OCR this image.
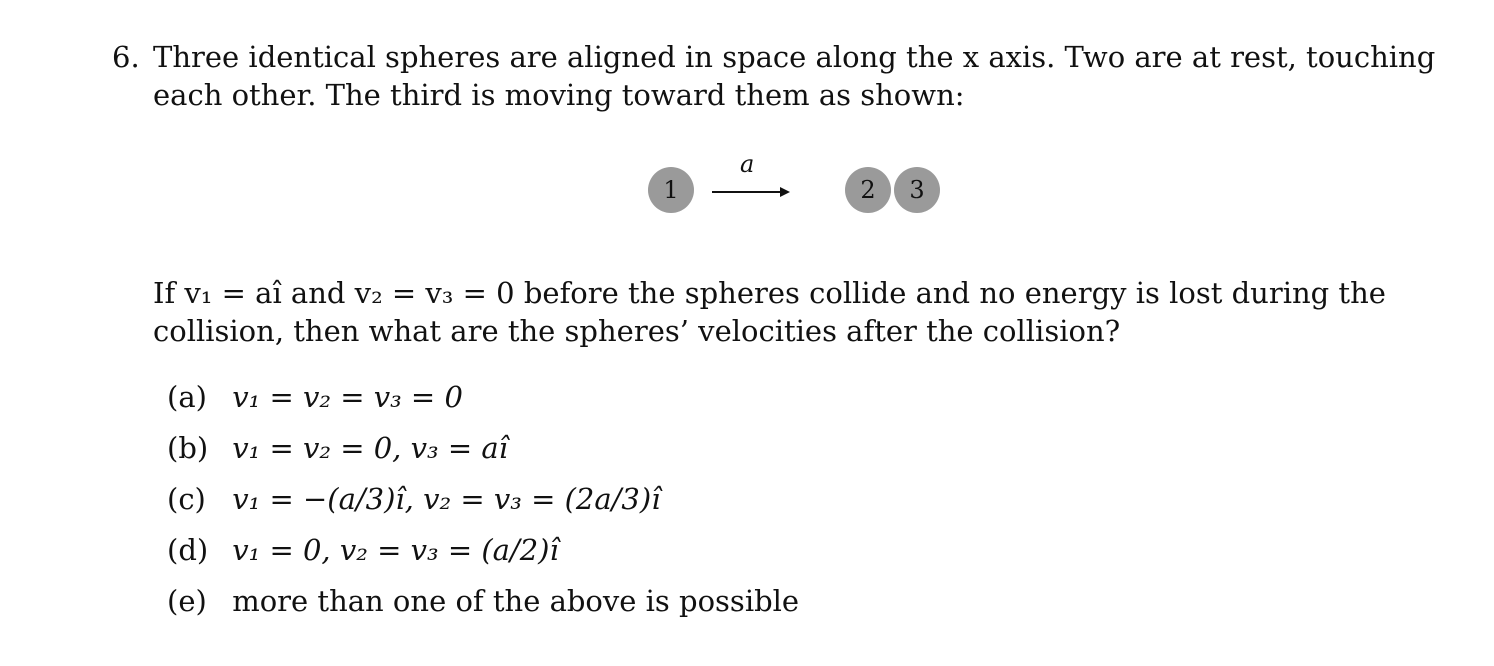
6. Three identical spheres are aligned in space along the x axis. Two are at rest, touching each other. The third is moving toward them as shown:

1
a
2	3

If v₁ = aî and v₂ = v₃ = 0 before the spheres collide and no energy is lost during the collision, then what are the spheres’ velocities after the collision?

(a) v₁ = v₂ = v₃ = 0
(b) v₁ = v₂ = 0, v₃ = aî
(c) v₁ = −(a/3)î, v₂ = v₃ = (2a/3)î
(d) v₁ = 0, v₂ = v₃ = (a/2)î
(e) more than one of the above is possible
